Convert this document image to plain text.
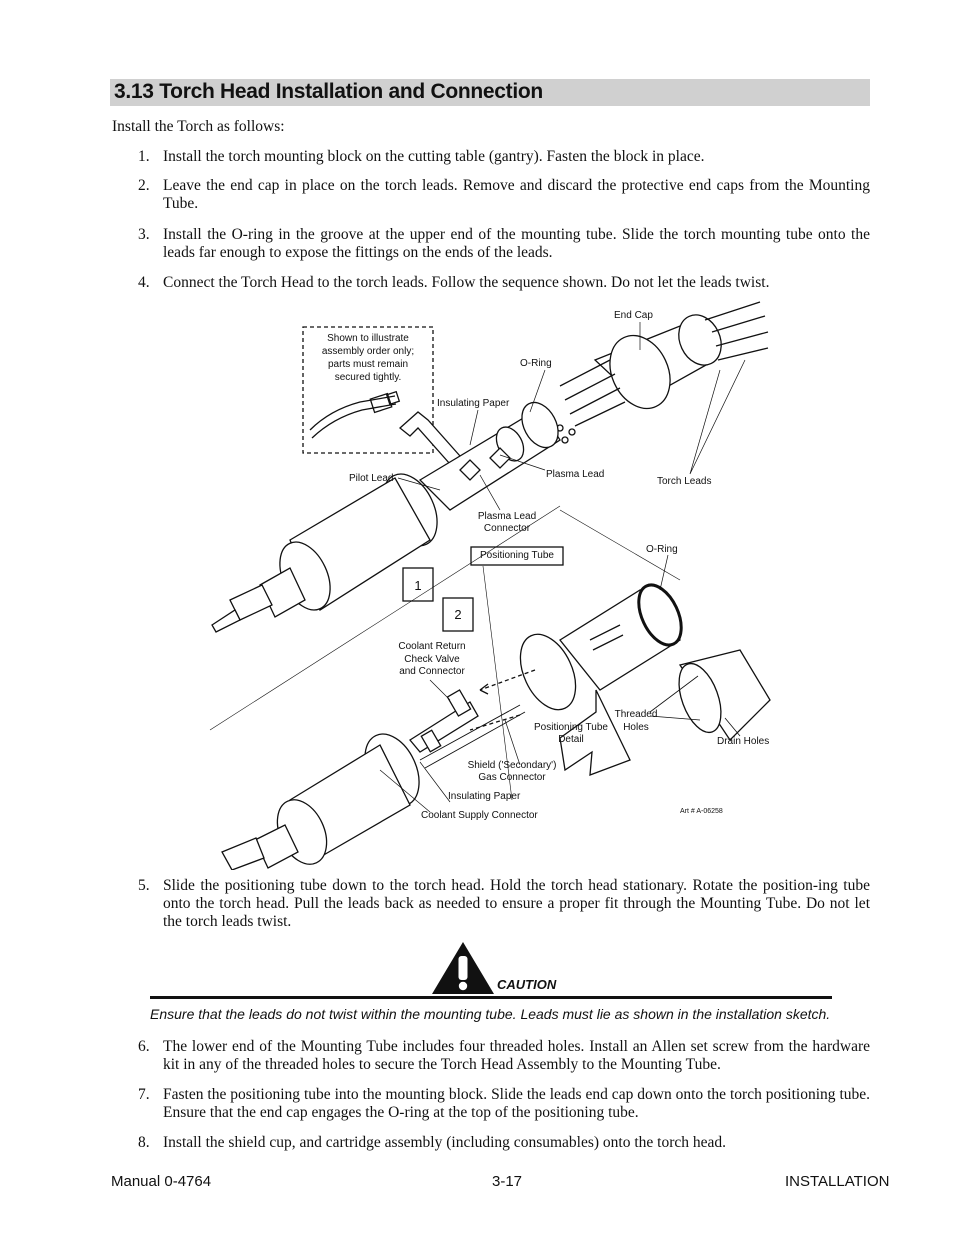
3.13 Torch Head Installation and Connection
Install the Torch as follows:
1. Install the torch mounting block on the cutting table (gantry). Fasten the block in place.
2. Leave the end cap in place on the torch leads. Remove and discard the protective end caps from the Mounting Tube.
3. Install the O-ring in the groove at the upper end of the mounting tube. Slide the torch mounting tube onto the leads far enough to expose the fittings on the ends of the leads.
4. Connect the Torch Head to the torch leads. Follow the sequence shown. Do not let the leads twist.
Shown to illustrate
assembly order only;
parts must remain
secured tightly.
End Cap
O-Ring
Insulating Paper
Pilot Lead	Plasma Lead
Torch Leads
Plasma Lead
Connector
Positioning Tube
O-Ring
1
2
Coolant Return
Check Valve
and Connector
Threaded
Holes
Positioning Tube
Detail	Drain Holes
Shield ('Secondary')
Gas Connector
Insulating Paper
Coolant Supply Connector	Art # A-06258
5. Slide the positioning tube down to the torch head. Hold the torch head stationary. Rotate the position-ing tube onto the torch head. Pull the leads back as needed to ensure a proper fit through the Mounting Tube. Do not let the torch leads twist.
CAUTION
Ensure that the leads do not twist within the mounting tube. Leads must lie as shown in the installation sketch.
6. The lower end of the Mounting Tube includes four threaded holes. Install an Allen set screw from the hardware kit in any of the threaded holes to secure the Torch Head Assembly to the Mounting Tube.
7. Fasten the positioning tube into the mounting block. Slide the leads end cap down onto the torch positioning tube. Ensure that the end cap engages the O-ring at the top of the positioning tube.
8. Install the shield cup, and cartridge assembly (including consumables) onto the torch head.
Manual 0-4764	3-17	INSTALLATION
